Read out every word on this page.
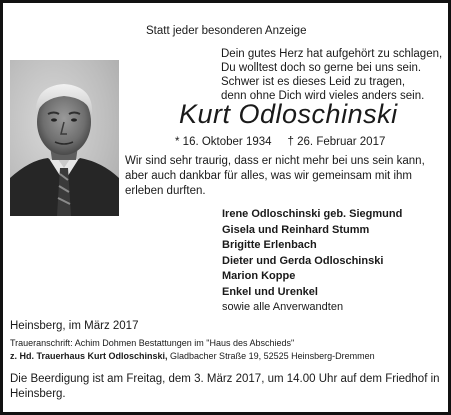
Statt jeder besonderen Anzeige
Dein gutes Herz hat aufgehört zu schlagen,
Du wolltest doch so gerne bei uns sein.
Schwer ist es dieses Leid zu tragen,
denn ohne Dich wird vieles anders sein.
Kurt Odloschinski
* 16. Oktober 1934 † 26. Februar 2017
Wir sind sehr traurig, dass er nicht mehr bei uns sein kann, aber auch dankbar für alles, was wir gemeinsam mit ihm erleben durften.
Irene Odloschinski geb. Siegmund
Gisela und Reinhard Stumm
Brigitte Erlenbach
Dieter und Gerda Odloschinski
Marion Koppe
Enkel und Urenkel
sowie alle Anverwandten
Heinsberg, im März 2017
Traueranschrift: Achim Dohmen Bestattungen im "Haus des Abschieds"
z. Hd. Trauerhaus Kurt Odloschinski, Gladbacher Straße 19, 52525 Heinsberg-Dremmen
Die Beerdigung ist am Freitag, dem 3. März 2017, um 14.00 Uhr auf dem Friedhof in Heinsberg.
